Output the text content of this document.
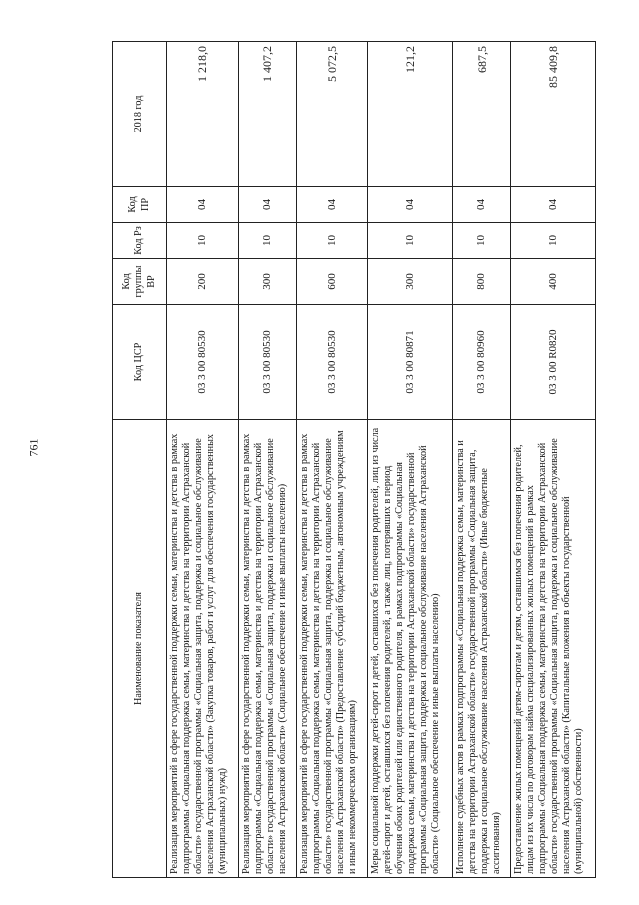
761
Наименование показателя	Код ЦСР	Код группы ВР	Код Рз	Код ПР	2018 год
Реализация мероприятий в сфере государственной поддержки семьи, материнства и детства в рамках подпрограммы «Социальная поддержка семьи, материнства и детства на территории Астраханской области» государственной программы «Социальная защита, поддержка и социальное обслуживание населения Астраханской области» (Закупка товаров, работ и услуг для обеспечения государственных (муниципальных) нужд)	03 3 00 80530	200	10	04	1 218,0
Реализация мероприятий в сфере государственной поддержки семьи, материнства и детства в рамках подпрограммы «Социальная поддержка семьи, материнства и детства на территории Астраханской области» государственной программы «Социальная защита, поддержка и социальное обслуживание населения Астраханской области» (Социальное обеспечение и иные выплаты населению)	03 3 00 80530	300	10	04	1 407,2
Реализация мероприятий в сфере государственной поддержки семьи, материнства и детства в рамках подпрограммы «Социальная поддержка семьи, материнства и детства на территории Астраханской области» государственной программы «Социальная защита, поддержка и социальное обслуживание населения Астраханской области» (Предоставление субсидий бюджетным, автономным учреждениям и иным некоммерческим организациям)	03 3 00 80530	600	10	04	5 072,5
Меры социальной поддержки детей-сирот и детей, оставшихся без попечения родителей, лиц из числа детей-сирот и детей, оставшихся без попечения родителей, а также лиц, потерявших в период обучения обоих родителей или единственного родителя, в рамках подпрограммы «Социальная поддержка семьи, материнства и детства на территории Астраханской области» государственной программы «Социальная защита, поддержка и социальное обслуживание населения Астраханской области» (Социальное обеспечение и иные выплаты населению)	03 3 00 80871	300	10	04	121,2
Исполнение судебных актов в рамках подпрограммы «Социальная поддержка семьи, материнства и детства на территории Астраханской области» государственной программы «Социальная защита, поддержка и социальное обслуживание населения Астраханской области» (Иные бюджетные ассигнования)	03 3 00 80960	800	10	04	687,5
Предоставление жилых помещений детям-сиротам и детям, оставшимся без попечения родителей, лицам из их числа по договорам найма специализированных жилых помещений в рамках подпрограммы «Социальная поддержка семьи, материнства и детства на территории Астраханской области» государственной программы «Социальная защита, поддержка и социальное обслуживание населения Астраханской области» (Капитальные вложения в объекты государственной (муниципальной) собственности)	03 3 00 R0820	400	10	04	85 409,8
